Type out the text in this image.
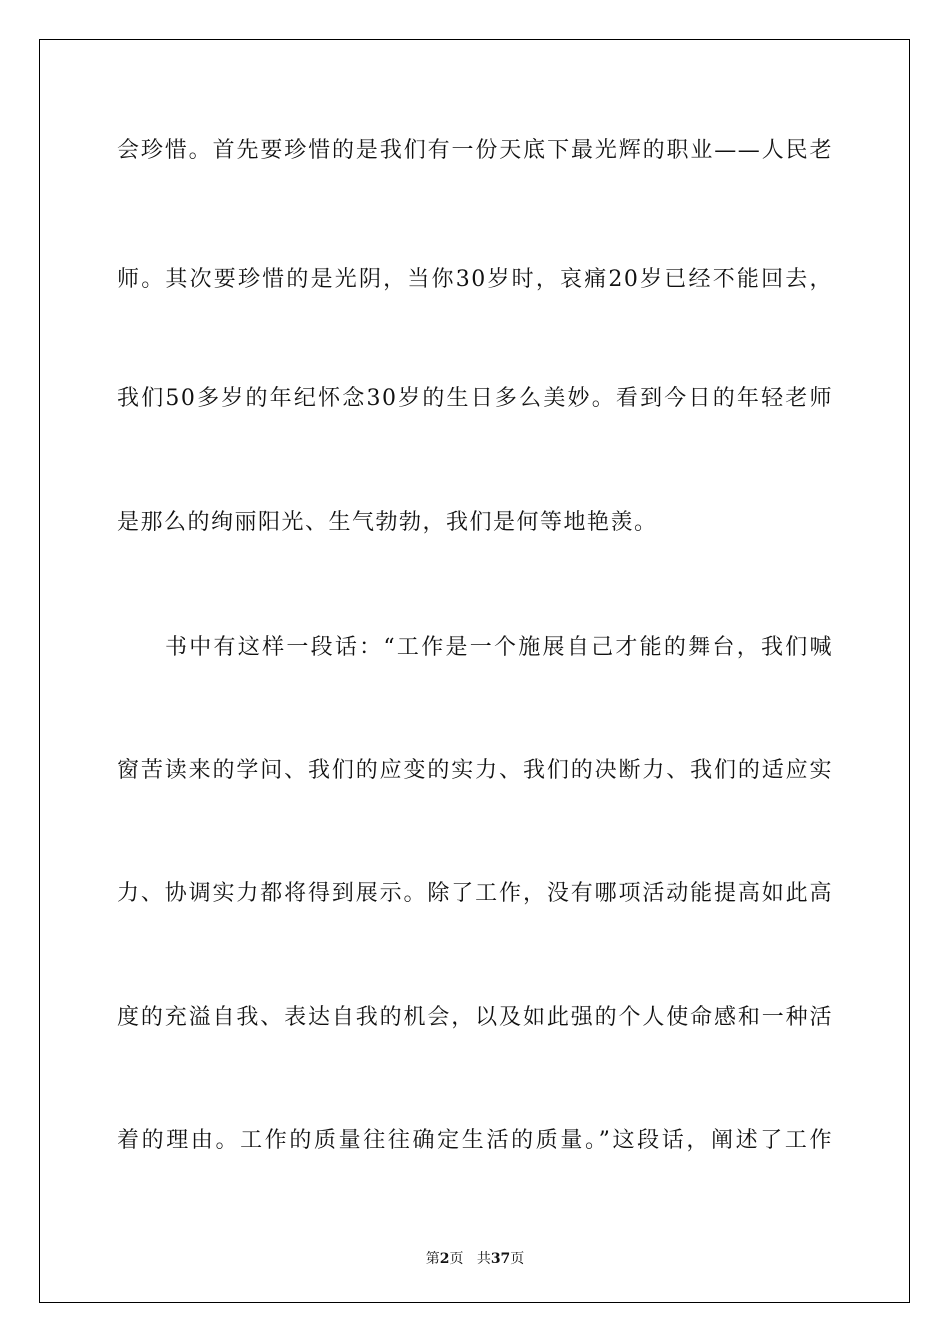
会珍惜。首先要珍惜的是我们有一份天底下最光辉的职业——人民老
师。其次要珍惜的是光阴，当你30岁时，哀痛20岁已经不能回去，
我们50多岁的年纪怀念30岁的生日多么美妙。看到今日的年轻老师
是那么的绚丽阳光、生气勃勃，我们是何等地艳羡。
书中有这样一段话：“工作是一个施展自己才能的舞台，我们喊
窗苦读来的学问、我们的应变的实力、我们的决断力、我们的适应实
力、协调实力都将得到展示。除了工作，没有哪项活动能提高如此高
度的充溢自我、表达自我的机会，以及如此强的个人使命感和一种活
着的理由。工作的质量往往确定生活的质量。”这段话，阐述了工作
第2页 共37页
